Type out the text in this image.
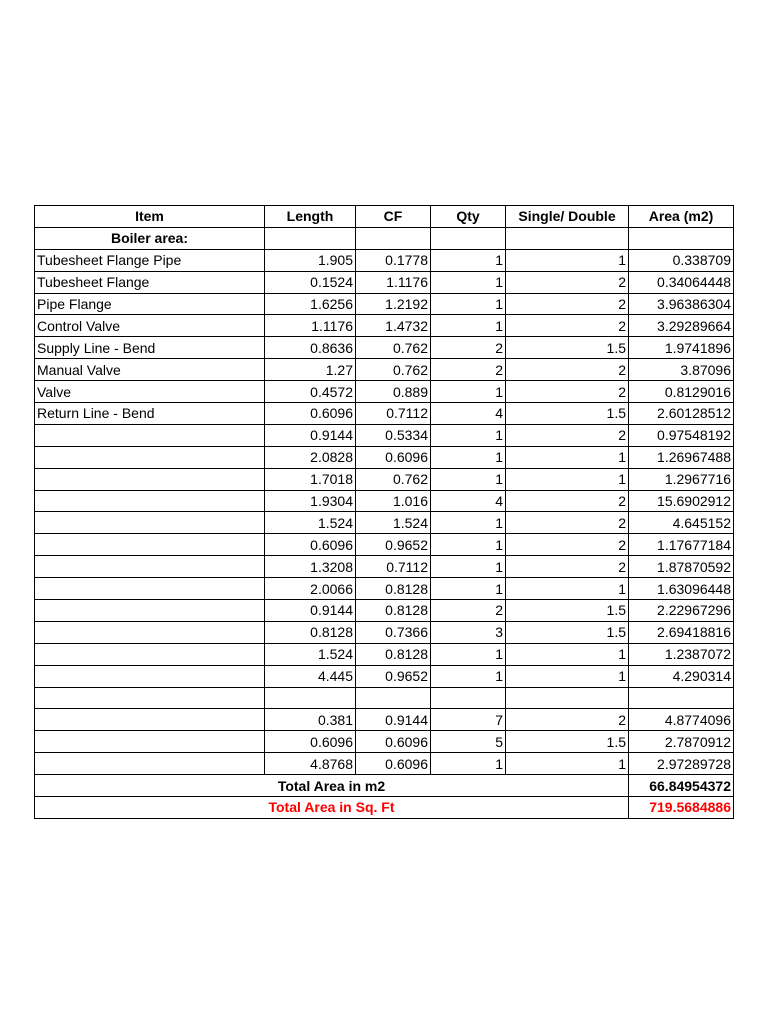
Item	Length	CF	Qty	Single/ Double	Area (m2)
Boiler area:					
Tubesheet Flange Pipe	1.905	0.1778	1	1	0.338709
Tubesheet Flange	0.1524	1.1176	1	2	0.34064448
Pipe Flange	1.6256	1.2192	1	2	3.96386304
Control Valve	1.1176	1.4732	1	2	3.29289664
Supply Line - Bend	0.8636	0.762	2	1.5	1.9741896
Manual Valve	1.27	0.762	2	2	3.87096
Valve	0.4572	0.889	1	2	0.8129016
Return Line - Bend	0.6096	0.7112	4	1.5	2.60128512
	0.9144	0.5334	1	2	0.97548192
	2.0828	0.6096	1	1	1.26967488
	1.7018	0.762	1	1	1.2967716
	1.9304	1.016	4	2	15.6902912
	1.524	1.524	1	2	4.645152
	0.6096	0.9652	1	2	1.17677184
	1.3208	0.7112	1	2	1.87870592
	2.0066	0.8128	1	1	1.63096448
	0.9144	0.8128	2	1.5	2.22967296
	0.8128	0.7366	3	1.5	2.69418816
	1.524	0.8128	1	1	1.2387072
	4.445	0.9652	1	1	4.290314

	0.381	0.9144	7	2	4.8774096
	0.6096	0.6096	5	1.5	2.7870912
	4.8768	0.6096	1	1	2.97289728
Total Area in m2					66.84954372
Total Area in Sq. Ft					719.5684886
